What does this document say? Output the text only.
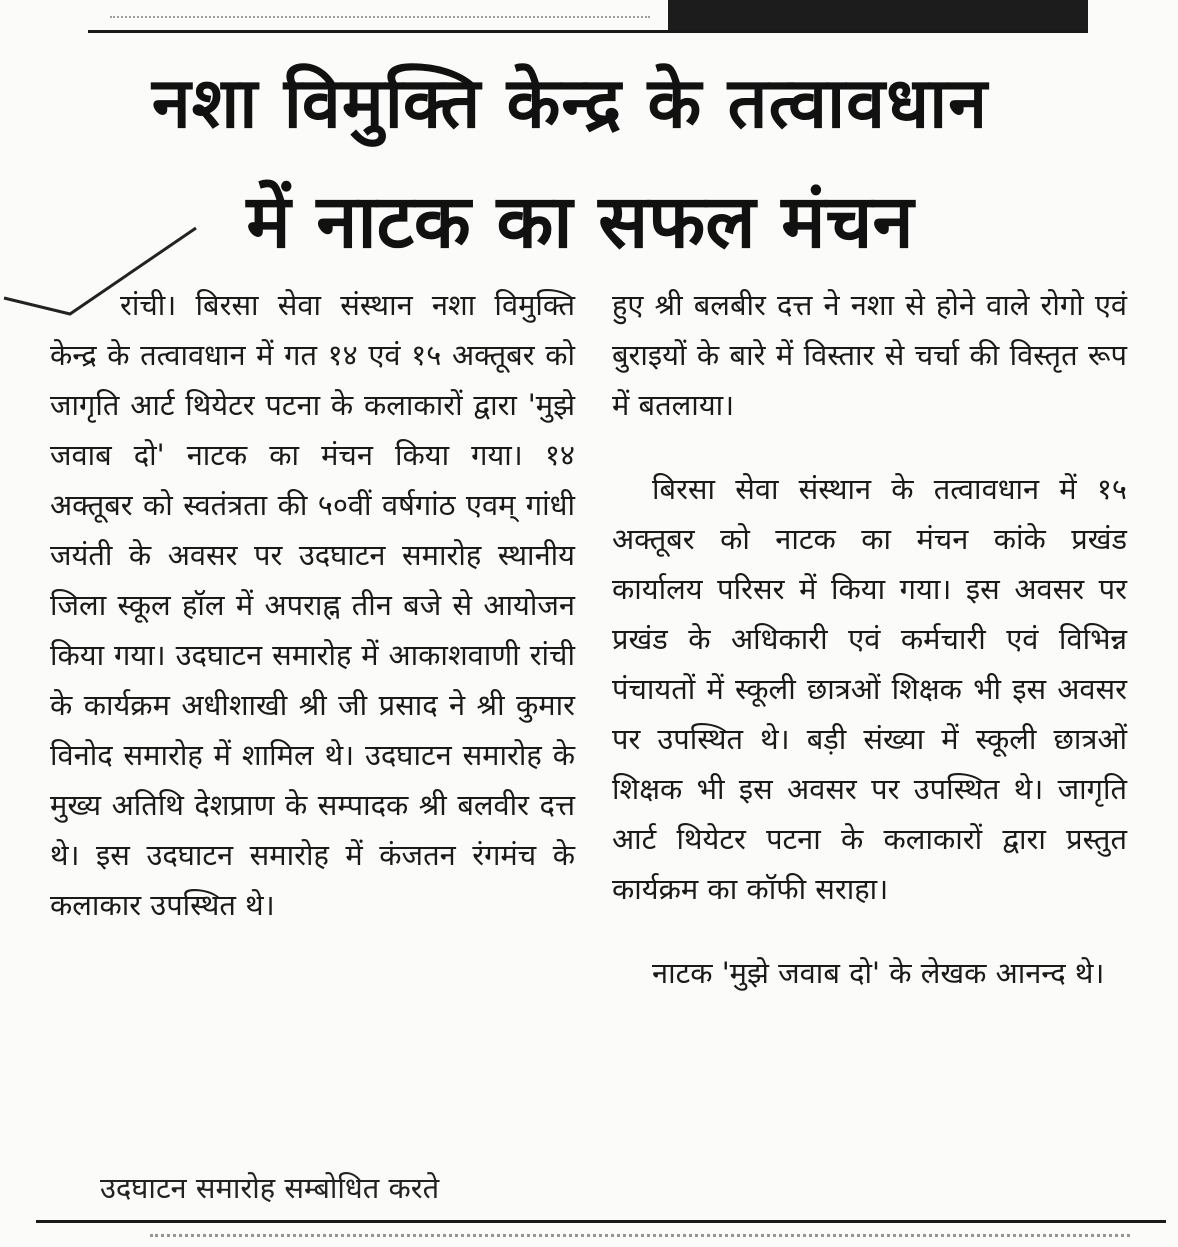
नशा विमुक्ति केन्द्र के तत्वावधान
में नाटक का सफल मंचन

रांची। बिरसा सेवा संस्थान नशा विमुक्ति केन्द्र के तत्वावधान में गत १४ एवं १५ अक्तूबर को जागृति आर्ट थियेटर पटना के कलाकारों द्वारा 'मुझे जवाब दो' नाटक का मंचन किया गया। १४ अक्तूबर को स्वतंत्रता की ५०वीं वर्षगांठ एवम् गांधी जयंती के अवसर पर उदघाटन समारोह स्थानीय जिला स्कूल हॉल में अपराह्न तीन बजे से आयोजन किया गया। उदघाटन समारोह में आकाशवाणी रांची के कार्यक्रम अधीशाखी श्री जी प्रसाद ने श्री कुमार विनोद समारोह में शामिल थे। उदघाटन समारोह के मुख्य अतिथि देशप्राण के सम्पादक श्री बलवीर दत्त थे। इस उदघाटन समारोह में कंजतन रंगमंच के कलाकार उपस्थित थे।

हुए श्री बलबीर दत्त ने नशा से होने वाले रोगो एवं बुराइयों के बारे में विस्तार से चर्चा की विस्तृत रूप में बतलाया।

बिरसा सेवा संस्थान के तत्वावधान में १५ अक्तूबर को नाटक का मंचन कांके प्रखंड कार्यालय परिसर में किया गया। इस अवसर पर प्रखंड के अधिकारी एवं कर्मचारी एवं विभिन्न पंचायतों में स्कूली छात्रओं शिक्षक भी इस अवसर पर उपस्थित थे। बड़ी संख्या में स्कूली छात्रओं शिक्षक भी इस अवसर पर उपस्थित थे। जागृति आर्ट थियेटर पटना के कलाकारों द्वारा प्रस्तुत कार्यक्रम का कॉफी सराहा।

नाटक 'मुझे जवाब दो' के लेखक आनन्द थे।

उदघाटन समारोह सम्बोधित करते
